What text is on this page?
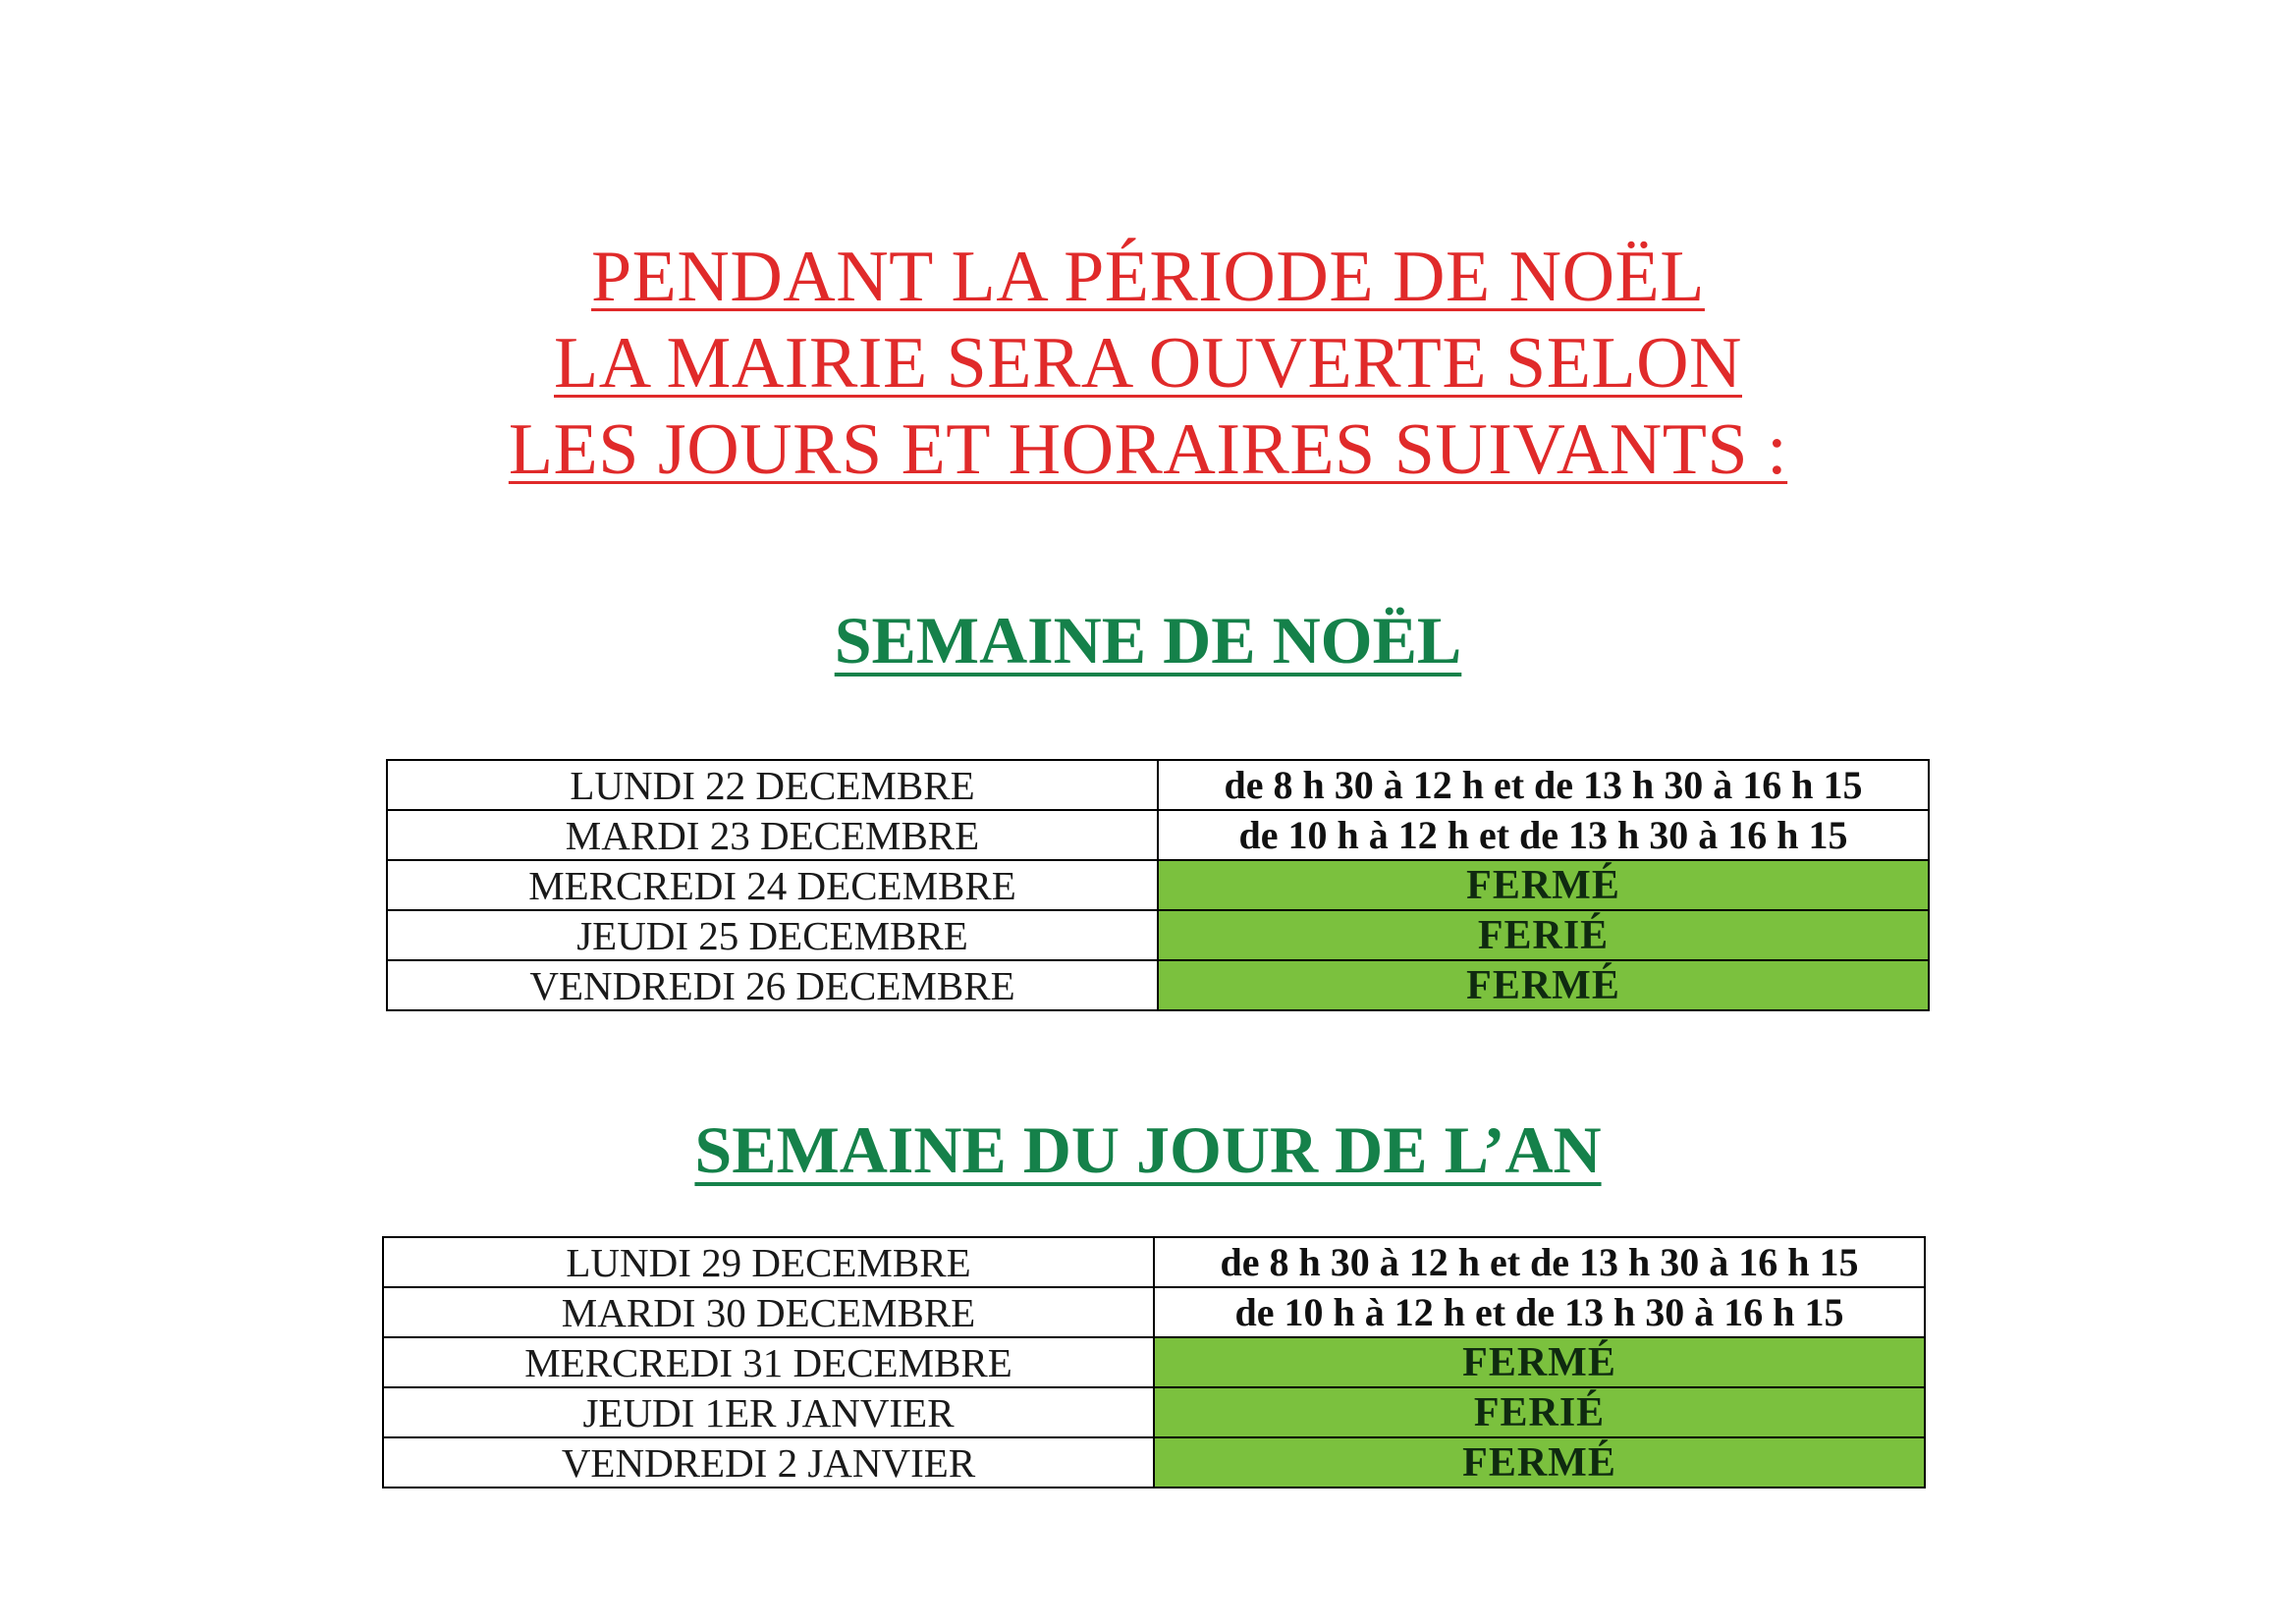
PENDANT LA PÉRIODE DE NOËL
LA MAIRIE SERA OUVERTE SELON
LES JOURS ET HORAIRES SUIVANTS :
SEMAINE DE NOËL
LUNDI 22 DECEMBRE	de 8 h 30 à 12 h et de 13 h 30 à 16 h 15
MARDI 23 DECEMBRE	de 10 h à 12 h et de 13 h 30 à 16 h 15
MERCREDI 24 DECEMBRE	FERMÉ
JEUDI 25 DECEMBRE	FERIÉ
VENDREDI 26 DECEMBRE	FERMÉ
SEMAINE DU JOUR DE L’AN
LUNDI 29 DECEMBRE	de 8 h 30 à 12 h et de 13 h 30 à 16 h 15
MARDI 30 DECEMBRE	de 10 h à 12 h et de 13 h 30 à 16 h 15
MERCREDI 31 DECEMBRE	FERMÉ
JEUDI 1ER JANVIER	FERIÉ
VENDREDI 2 JANVIER	FERMÉ
